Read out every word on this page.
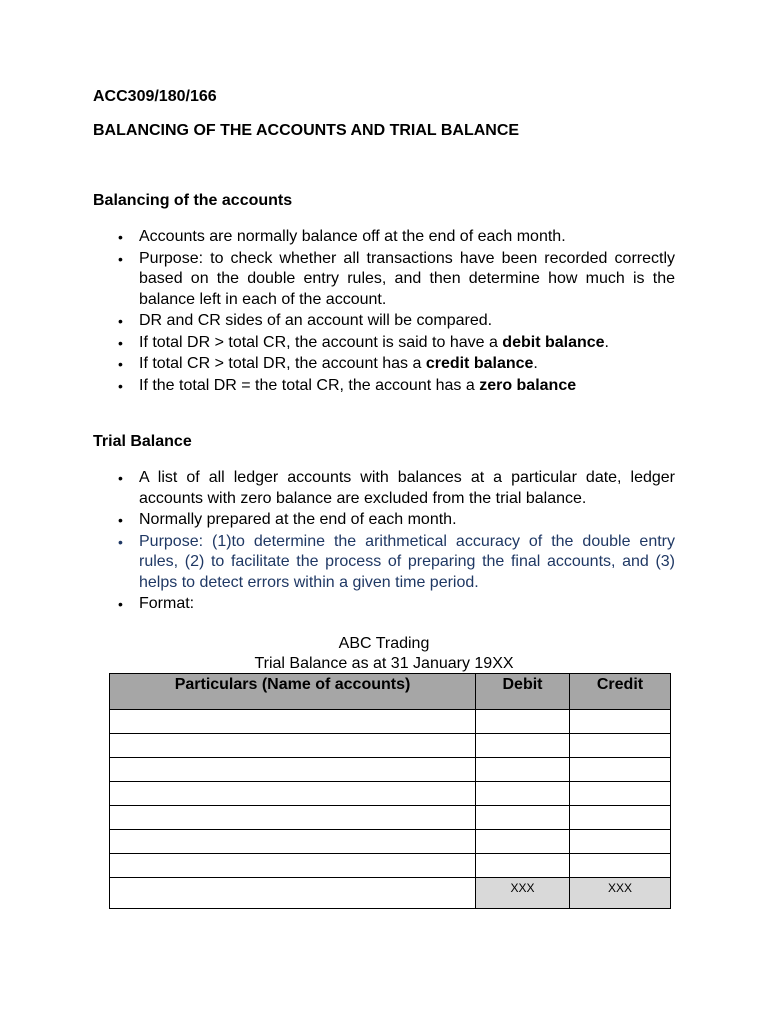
ACC309/180/166
BALANCING OF THE ACCOUNTS AND TRIAL BALANCE
Balancing of the accounts
• Accounts are normally balance off at the end of each month.
• Purpose: to check whether all transactions have been recorded correctly based on the double entry rules, and then determine how much is the balance left in each of the account.
• DR and CR sides of an account will be compared.
• If total DR > total CR, the account is said to have a debit balance.
• If total CR > total DR, the account has a credit balance.
• If the total DR = the total CR, the account has a zero balance
Trial Balance
• A list of all ledger accounts with balances at a particular date, ledger accounts with zero balance are excluded from the trial balance.
• Normally prepared at the end of each month.
• Purpose: (1)to determine the arithmetical accuracy of the double entry rules, (2) to facilitate the process of preparing the final accounts, and (3) helps to detect errors within a given time period.
• Format:
ABC Trading
Trial Balance as at 31 January 19XX
Particulars (Name of accounts)	Debit	Credit

	XXX	XXX
